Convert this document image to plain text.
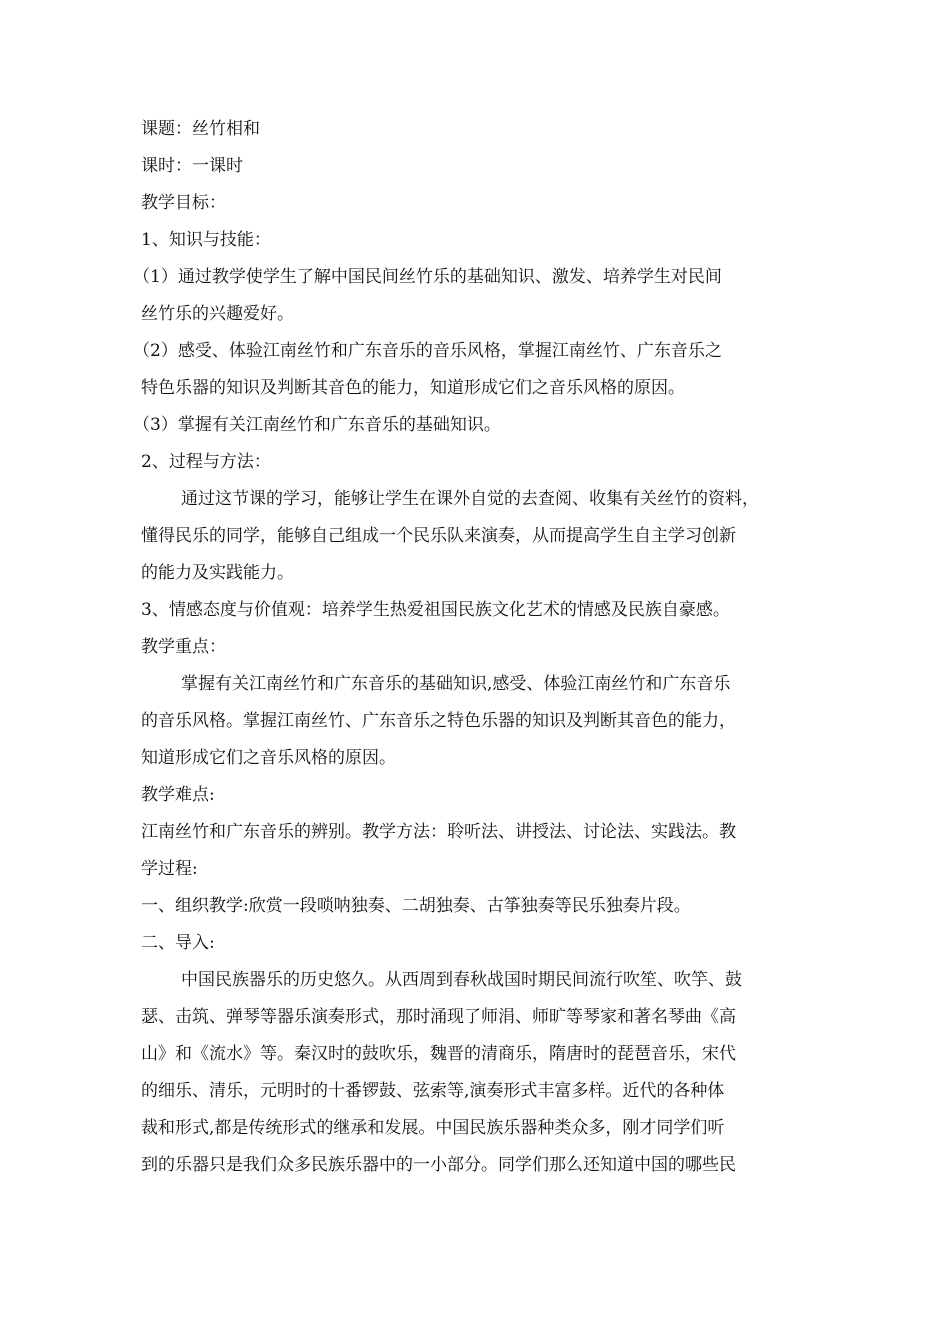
课题：丝竹相和
课时：一课时
教学目标：
1、知识与技能：
（1）通过教学使学生了解中国民间丝竹乐的基础知识、激发、培养学生对民间
丝竹乐的兴趣爱好。
（2）感受、体验江南丝竹和广东音乐的音乐风格，掌握江南丝竹、广东音乐之
特色乐器的知识及判断其音色的能力，知道形成它们之音乐风格的原因。
（3）掌握有关江南丝竹和广东音乐的基础知识。
2、过程与方法：
通过这节课的学习，能够让学生在课外自觉的去查阅、收集有关丝竹的资料，
懂得民乐的同学，能够自己组成一个民乐队来演奏，从而提高学生自主学习创新
的能力及实践能力。
3、情感态度与价值观：培养学生热爱祖国民族文化艺术的情感及民族自豪感。
教学重点：
掌握有关江南丝竹和广东音乐的基础知识,感受、体验江南丝竹和广东音乐
的音乐风格。掌握江南丝竹、广东音乐之特色乐器的知识及判断其音色的能力，
知道形成它们之音乐风格的原因。
教学难点:
江南丝竹和广东音乐的辨别。教学方法：聆听法、讲授法、讨论法、实践法。教
学过程:
一、组织教学:欣赏一段唢呐独奏、二胡独奏、古筝独奏等民乐独奏片段。
二、导入:
中国民族器乐的历史悠久。从西周到春秋战国时期民间流行吹笙、吹竽、鼓
瑟、击筑、弹琴等器乐演奏形式，那时涌现了师涓、师旷等琴家和著名琴曲《高
山》和《流水》等。秦汉时的鼓吹乐，魏晋的清商乐，隋唐时的琵琶音乐，宋代
的细乐、清乐，元明时的十番锣鼓、弦索等,演奏形式丰富多样。近代的各种体
裁和形式,都是传统形式的继承和发展。中国民族乐器种类众多，刚才同学们听
到的乐器只是我们众多民族乐器中的一小部分。同学们那么还知道中国的哪些民
